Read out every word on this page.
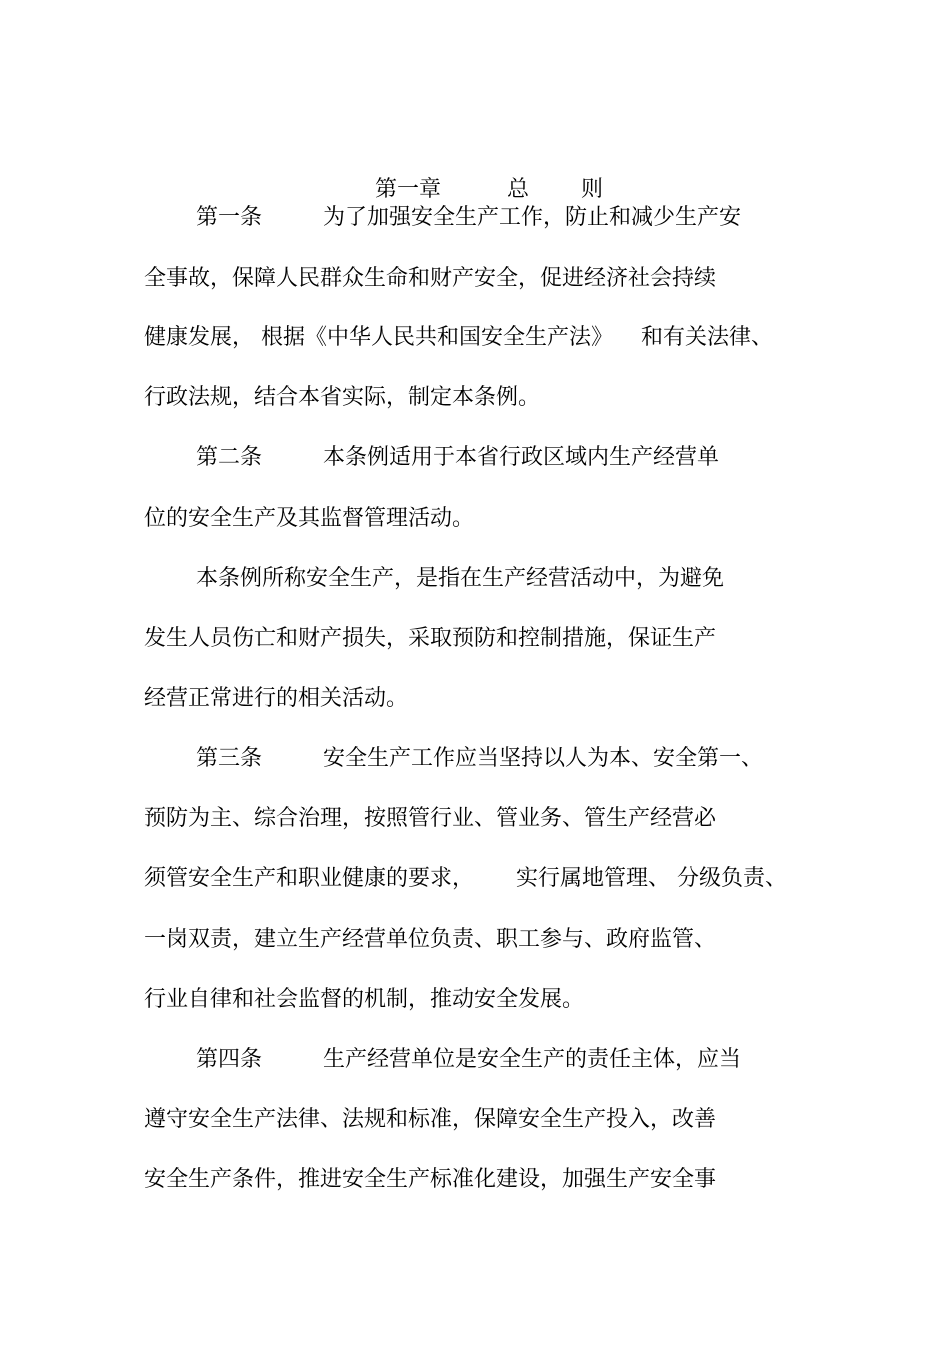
第一章	总 则

第一条	为了加强安全生产工作，防止和减少生产安
全事故，保障人民群众生命和财产安全，促进经济社会持续
健康发展， 根据《中华人民共和国安全生产法》    和有关法律、
行政法规，结合本省实际，制定本条例。
第二条	本条例适用于本省行政区域内生产经营单
位的安全生产及其监督管理活动。
本条例所称安全生产，是指在生产经营活动中，为避免
发生人员伤亡和财产损失，采取预防和控制措施，保证生产
经营正常进行的相关活动。
第三条	安全生产工作应当坚持以人为本、安全第一、
预防为主、综合治理，按照管行业、管业务、管生产经营必
须管安全生产和职业健康的要求，      实行属地管理、 分级负责、
一岗双责，建立生产经营单位负责、职工参与、政府监管、
行业自律和社会监督的机制，推动安全发展。
第四条	生产经营单位是安全生产的责任主体，应当
遵守安全生产法律、法规和标准，保障安全生产投入，改善
安全生产条件，推进安全生产标准化建设，加强生产安全事
